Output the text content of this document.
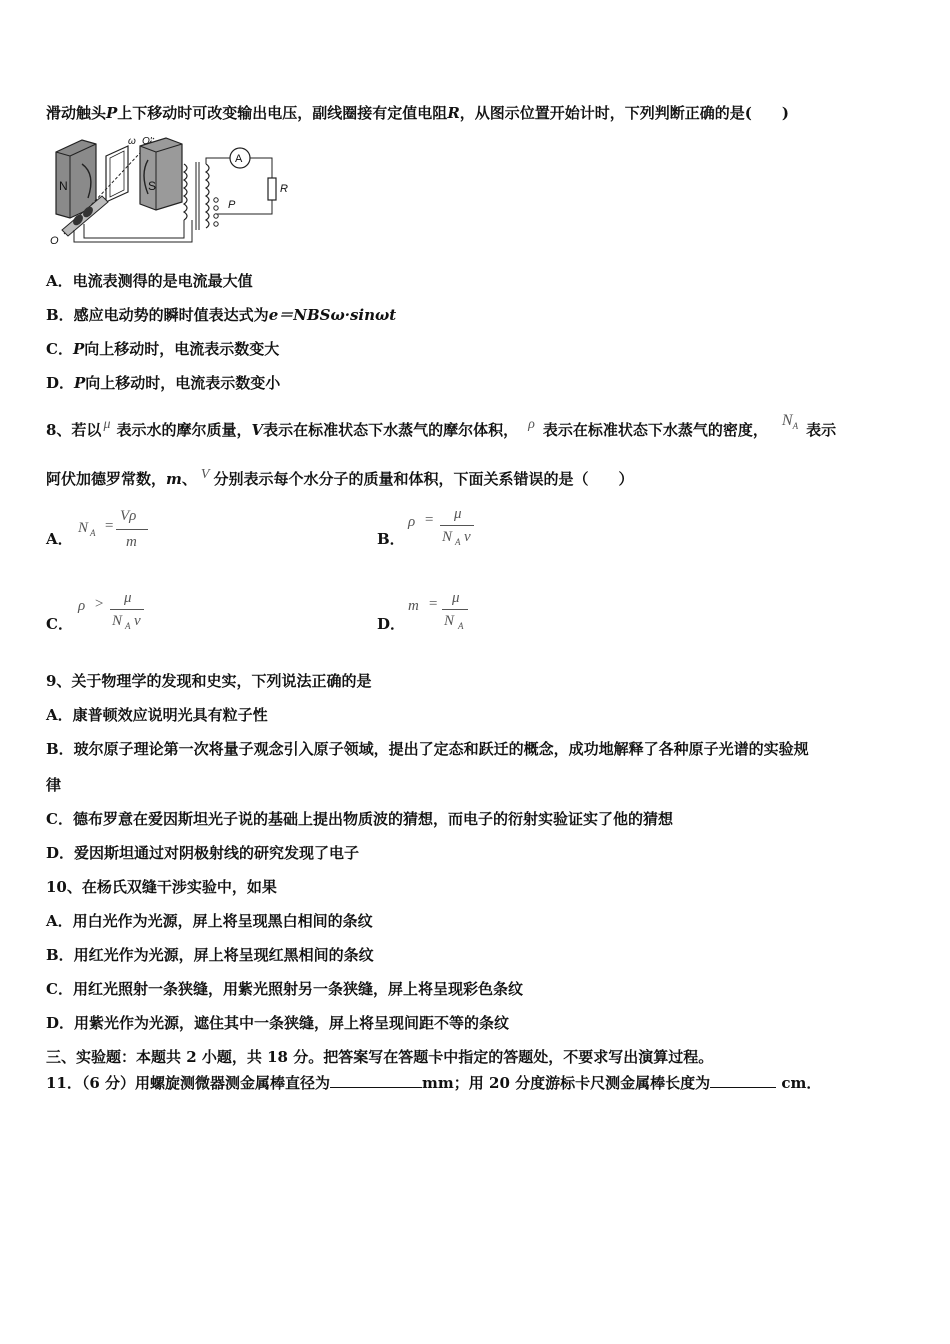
滑动触头P上下移动时可改变输出电压，副线圈接有定值电阻R，从图示位置开始计时，下列判断正确的是(　　)
N	S
O'
ω
O
P
A
R
A．电流表测得的是电流最大值
B．感应电动势的瞬时值表达式为e＝NBSω·sinωt
C．P向上移动时，电流表示数变大
D．P向上移动时，电流表示数变小
8、若以 μ 表示水的摩尔质量，V表示在标准状态下水蒸气的摩尔体积， ρ 表示在标准状态下水蒸气的密度，$N^A$ 表示
阿伏加德罗常数，m、 V 分别表示每个水分子的质量和体积，下面关系错误的是（　　）
A．
N A =
Vρ
m	B．
ρ = μ
N A v
C．
ρ > μ
N A v	D．
m = μ
N A
9、关于物理学的发现和史实，下列说法正确的是
A．康普顿效应说明光具有粒子性
B．玻尔原子理论第一次将量子观念引入原子领域，提出了定态和跃迁的概念，成功地解释了各种原子光谱的实验规
律
C．德布罗意在爱因斯坦光子说的基础上提出物质波的猜想，而电子的衍射实验证实了他的猜想
D．爱因斯坦通过对阴极射线的研究发现了电子
10、在杨氏双缝干涉实验中，如果
A．用白光作为光源，屏上将呈现黑白相间的条纹
B．用红光作为光源，屏上将呈现红黑相间的条纹
C．用红光照射一条狭缝，用紫光照射另一条狭缝，屏上将呈现彩色条纹
D．用紫光作为光源，遮住其中一条狭缝，屏上将呈现间距不等的条纹
三、实验题：本题共 2 小题，共 18 分。把答案写在答题卡中指定的答题处，不要求写出演算过程。
11．（6 分）用螺旋测微器测金属棒直径为	mm；用 20 分度游标卡尺测金属棒长度为	cm．
